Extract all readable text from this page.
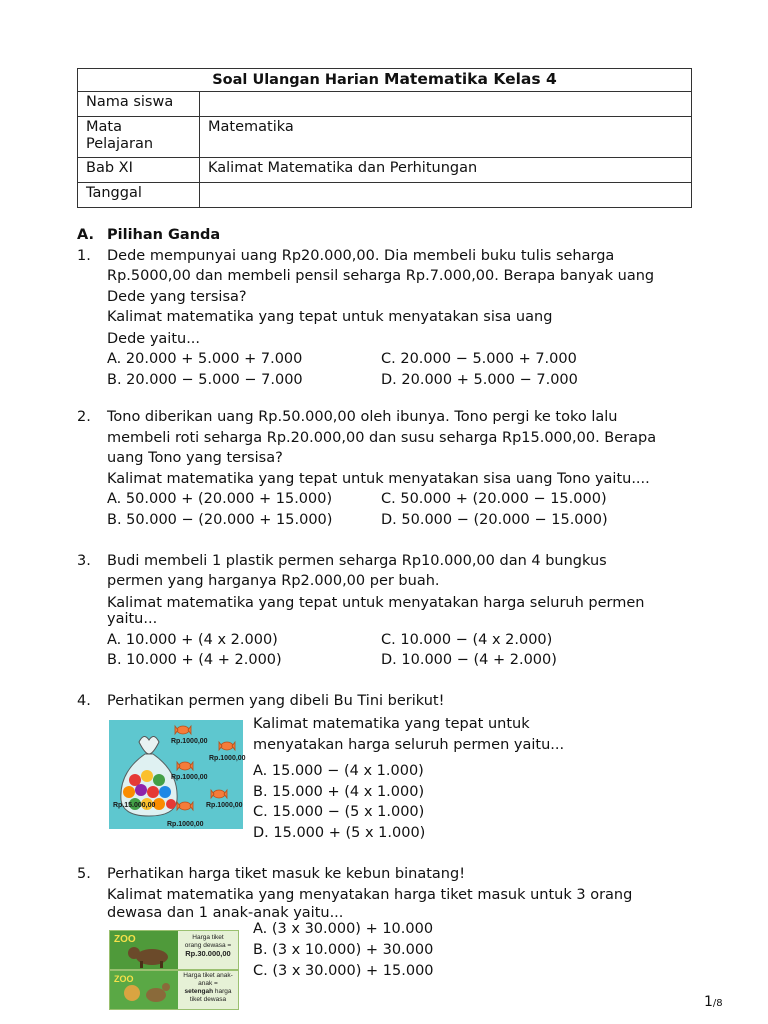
Soal Ulangan Harian Matematika Kelas 4	
Nama siswa	

Mata Pelajaran	Matematika
Bab XI	Kalimat Matematika dan Perhitungan
Tanggal	
A. Pilihan Ganda
1. Dede mempunyai uang Rp20.000,00. Dia membeli buku tulis seharga
Rp.5000,00 dan membeli pensil seharga Rp.7.000,00. Berapa banyak uang
Dede yang tersisa?
Kalimat matematika yang tepat untuk menyatakan sisa uang
Dede yaitu...
A. 20.000 + 5.000 + 7.000	C. 20.000 − 5.000 + 7.000
B. 20.000 − 5.000 − 7.000	D. 20.000 + 5.000 − 7.000
2. Tono diberikan uang Rp.50.000,00 oleh ibunya. Tono pergi ke toko lalu
membeli roti seharga Rp.20.000,00 dan susu seharga Rp15.000,00. Berapa
uang Tono yang tersisa?
Kalimat matematika yang tepat untuk menyatakan sisa uang Tono yaitu....
A. 50.000 + (20.000 + 15.000)	C. 50.000 + (20.000 − 15.000)
B. 50.000 − (20.000 + 15.000)	D. 50.000 − (20.000 − 15.000)
3. Budi membeli 1 plastik permen seharga Rp10.000,00 dan 4 bungkus
permen yang harganya Rp2.000,00 per buah.
Kalimat matematika yang tepat untuk menyatakan harga seluruh permen
yaitu...
A. 10.000 + (4 x 2.000)	C. 10.000 − (4 x 2.000)
B. 10.000 + (4 + 2.000)	D. 10.000 − (4 + 2.000)
4. Perhatikan permen yang dibeli Bu Tini berikut!
Rp.1000,00
Rp.1000,00
Rp.1000,00
Rp.15.000,00	Rp.1000,00
Rp.1000,00
Kalimat matematika yang tepat untuk
menyatakan harga seluruh permen yaitu...
A. 15.000 − (4 x 1.000)
B. 15.000 + (4 x 1.000)
C. 15.000 − (5 x 1.000)
D. 15.000 + (5 x 1.000)
5. Perhatikan harga tiket masuk ke kebun binatang!
Kalimat matematika yang menyatakan harga tiket masuk untuk 3 orang
dewasa dan 1 anak-anak yaitu...
ZOO	Harga tiket
orang dewasa =
Rp.30.000,00
ZOO	Harga tiket anak-
anak =
setengah harga
tiket dewasa
A. (3 x 30.000) + 10.000
B. (3 x 10.000) + 30.000
C. (3 x 30.000) + 15.000
1/8
